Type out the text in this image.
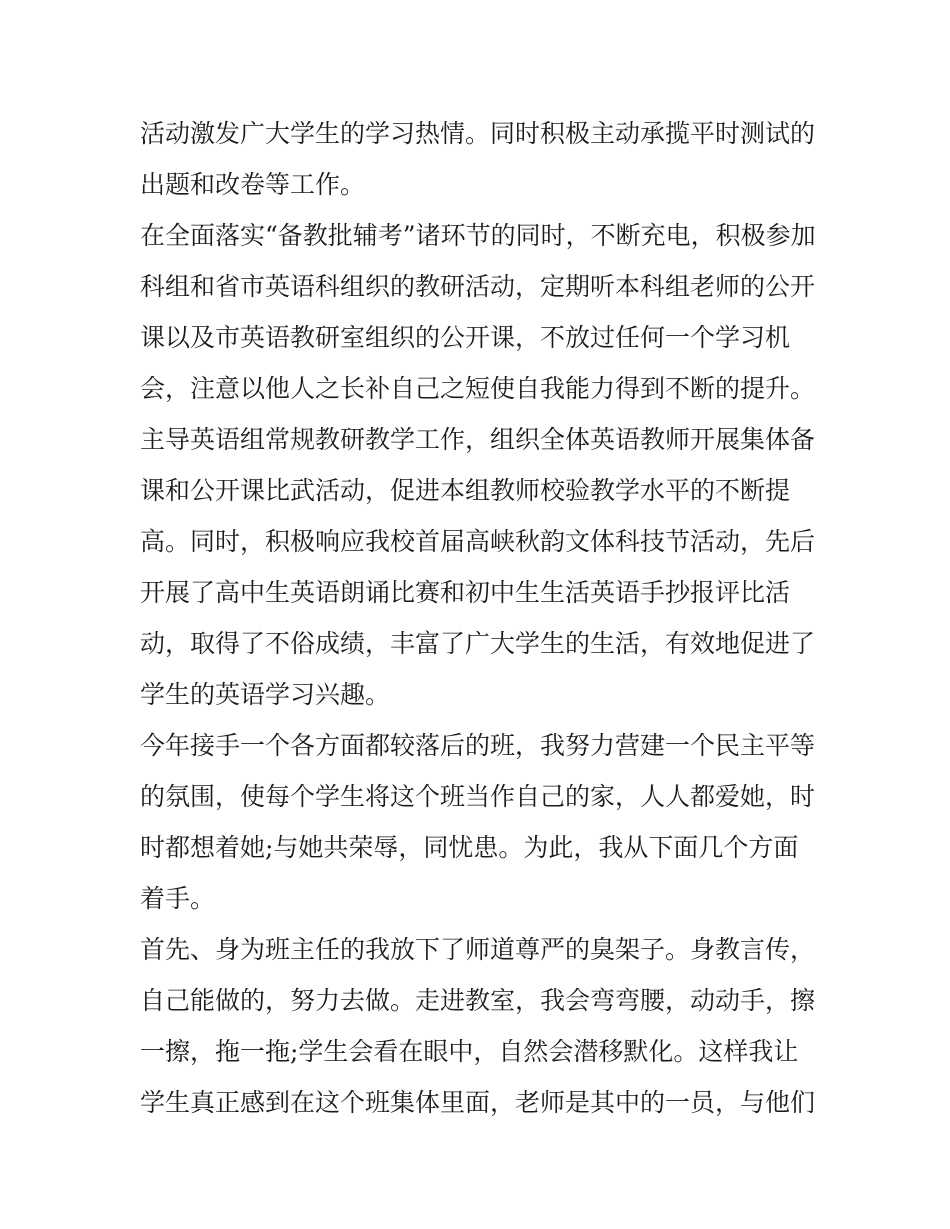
活动激发广大学生的学习热情。同时积极主动承揽平时测试的
出题和改卷等工作。
在全面落实“备教批辅考”诸环节的同时，不断充电，积极参加
科组和省市英语科组织的教研活动，定期听本科组老师的公开
课以及市英语教研室组织的公开课，不放过任何一个学习机
会，注意以他人之长补自己之短使自我能力得到不断的提升。
主导英语组常规教研教学工作，组织全体英语教师开展集体备
课和公开课比武活动，促进本组教师校验教学水平的不断提
高。同时，积极响应我校首届高峡秋韵文体科技节活动，先后
开展了高中生英语朗诵比赛和初中生生活英语手抄报评比活
动，取得了不俗成绩，丰富了广大学生的生活，有效地促进了
学生的英语学习兴趣。
今年接手一个各方面都较落后的班，我努力营建一个民主平等
的氛围，使每个学生将这个班当作自己的家，人人都爱她，时
时都想着她;与她共荣辱，同忧患。为此，我从下面几个方面
着手。
首先、身为班主任的我放下了师道尊严的臭架子。身教言传，
自己能做的，努力去做。走进教室，我会弯弯腰，动动手，擦
一擦，拖一拖;学生会看在眼中，自然会潜移默化。这样我让
学生真正感到在这个班集体里面，老师是其中的一员，与他们
